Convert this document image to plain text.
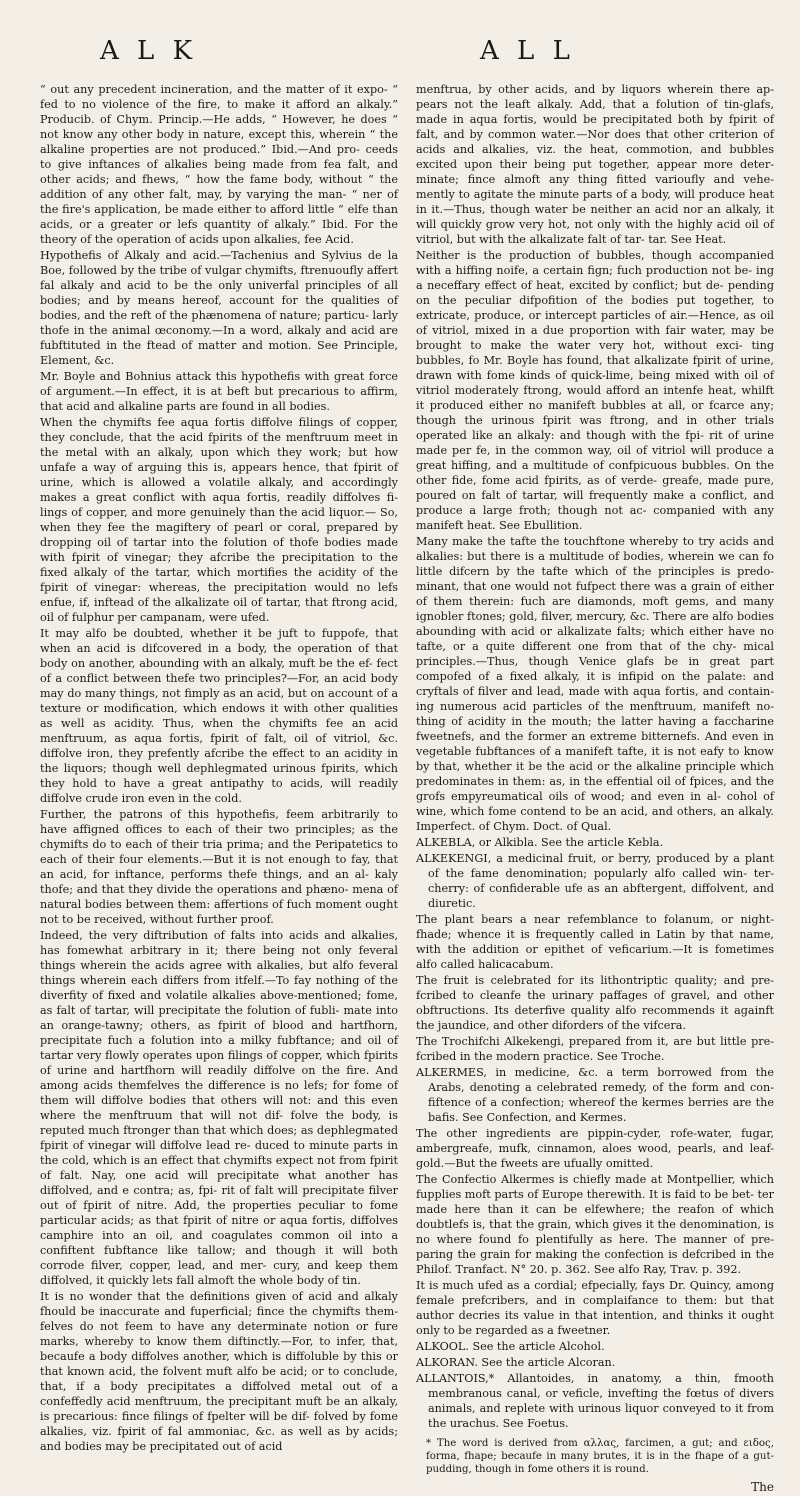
A L K	A L L

“ out any precedent incineration, and the matter of it expo- “ fed to no violence of the fire, to make it afford an alkaly.” Producib. of Chym. Princip.—He adds, “ However, he does “ not know any other body in nature, except this, wherein “ the alkaline properties are not produced.” Ibid.—And pro- ceeds to give inftances of alkalies being made from fea falt, and other acids; and fhews, “ how the fame body, without “ the addition of any other falt, may, by varying the man- “ ner of the fire's application, be made either to afford little “ elfe than acids, or a greater or lefs quantity of alkaly.” Ibid. For the theory of the operation of acids upon alkalies, fee Acid.

Hypothefis of Alkaly and acid.—Tachenius and Sylvius de la Boe, followed by the tribe of vulgar chymifts, ftrenuoufly affert fal alkaly and acid to be the only univerfal principles of all bodies; and by means hereof, account for the qualities of bodies, and the reft of the phænomena of nature; particu- larly thofe in the animal œconomy.—In a word, alkaly and acid are fubftituted in the ftead of matter and motion. See Principle, Element, &c.

Mr. Boyle and Bohnius attack this hypothefis with great force of argument.—In effect, it is at beft but precarious to affirm, that acid and alkaline parts are found in all bodies.

When the chymifts fee aqua fortis diffolve filings of copper, they conclude, that the acid fpirits of the menftruum meet in the metal with an alkaly, upon which they work; but how unfafe a way of arguing this is, appears hence, that fpirit of urine, which is allowed a volatile alkaly, and accordingly makes a great conflict with aqua fortis, readily diffolves fi- lings of copper, and more genuinely than the acid liquor.— So, when they fee the magiftery of pearl or coral, prepared by dropping oil of tartar into the folution of thofe bodies made with fpirit of vinegar; they afcribe the precipitation to the fixed alkaly of the tartar, which mortifies the acidity of the fpirit of vinegar: whereas, the precipitation would no lefs enfue, if, inftead of the alkalizate oil of tartar, that ftrong acid, oil of fulphur per campanam, were ufed.

It may alfo be doubted, whether it be juft to fuppofe, that when an acid is difcovered in a body, the operation of that body on another, abounding with an alkaly, muft be the ef- fect of a conflict between thefe two principles?—For, an acid body may do many things, not fimply as an acid, but on account of a texture or modification, which endows it with other qualities as well as acidity. Thus, when the chymifts fee an acid menftruum, as aqua fortis, fpirit of falt, oil of vitriol, &c. diffolve iron, they prefently afcribe the effect to an acidity in the liquors; though well dephlegmated urinous fpirits, which they hold to have a great antipathy to acids, will readily diffolve crude iron even in the cold.

Further, the patrons of this hypothefis, feem arbitrarily to have affigned offices to each of their two principles; as the chymifts do to each of their tria prima; and the Peripatetics to each of their four elements.—But it is not enough to fay, that an acid, for inftance, performs thefe things, and an al- kaly thofe; and that they divide the operations and phæno- mena of natural bodies between them: affertions of fuch moment ought not to be received, without further proof.

Indeed, the very diftribution of falts into acids and alkalies, has fomewhat arbitrary in it; there being not only feveral things wherein the acids agree with alkalies, but alfo feveral things wherein each differs from itfelf.—To fay nothing of the diverfity of fixed and volatile alkalies above-mentioned; fome, as falt of tartar, will precipitate the folution of fubli- mate into an orange-tawny; others, as fpirit of blood and hartfhorn, precipitate fuch a folution into a milky fubftance; and oil of tartar very flowly operates upon filings of copper, which fpirits of urine and hartfhorn will readily diffolve on the fire. And among acids themfelves the difference is no lefs; for fome of them will diffolve bodies that others will not: and this even where the menftruum that will not dif- folve the body, is reputed much ftronger than that which does; as dephlegmated fpirit of vinegar will diffolve lead re- duced to minute parts in the cold, which is an effect that chymifts expect not from fpirit of falt. Nay, one acid will precipitate what another has diffolved, and e contra; as, fpi- rit of falt will precipitate filver out of fpirit of nitre. Add, the properties peculiar to fome particular acids; as that fpirit of nitre or aqua fortis, diffolves camphire into an oil, and coagulates common oil into a confiftent fubftance like tallow; and though it will both corrode filver, copper, lead, and mer- cury, and keep them diffolved, it quickly lets fall almoft the whole body of tin.

It is no wonder that the definitions given of acid and alkaly fhould be inaccurate and fuperficial; fince the chymifts them- felves do not feem to have any determinate notion or fure marks, whereby to know them diftinctly.—For, to infer, that, becaufe a body diffolves another, which is diffoluble by this or that known acid, the folvent muft alfo be acid; or to conclude, that, if a body precipitates a diffolved metal out of a confeffedly acid menftruum, the precipitant muft be an alkaly, is precarious: fince filings of fpelter will be dif- folved by fome alkalies, viz. fpirit of fal ammoniac, &c. as well as by acids; and bodies may be precipitated out of acid

menftrua, by other acids, and by liquors wherein there ap- pears not the leaft alkaly. Add, that a folution of tin-glafs, made in aqua fortis, would be precipitated both by fpirit of falt, and by common water.—Nor does that other criterion of acids and alkalies, viz. the heat, commotion, and bubbles excited upon their being put together, appear more deter- minate; fince almoft any thing fitted varioufly and vehe- mently to agitate the minute parts of a body, will produce heat in it.—Thus, though water be neither an acid nor an alkaly, it will quickly grow very hot, not only with the highly acid oil of vitriol, but with the alkalizate falt of tar- tar. See Heat.

Neither is the production of bubbles, though accompanied with a hiffing noife, a certain fign; fuch production not be- ing a neceffary effect of heat, excited by conflict; but de- pending on the peculiar difpofition of the bodies put together, to extricate, produce, or intercept particles of air.—Hence, as oil of vitriol, mixed in a due proportion with fair water, may be brought to make the water very hot, without exci- ting bubbles, fo Mr. Boyle has found, that alkalizate fpirit of urine, drawn with fome kinds of quick-lime, being mixed with oil of vitriol moderately ftrong, would afford an intenfe heat, whilft it produced either no manifeft bubbles at all, or fcarce any; though the urinous fpirit was ftrong, and in other trials operated like an alkaly: and though with the fpi- rit of urine made per fe, in the common way, oil of vitriol will produce a great hiffing, and a multitude of confpicuous bubbles. On the other fide, fome acid fpirits, as of verde- greafe, made pure, poured on falt of tartar, will frequently make a conflict, and produce a large froth; though not ac- companied with any manifeft heat. See Ebullition.

Many make the tafte the touchftone whereby to try acids and alkalies: but there is a multitude of bodies, wherein we can fo little difcern by the tafte which of the principles is predo- minant, that one would not fufpect there was a grain of either of them therein: fuch are diamonds, moft gems, and many ignobler ftones; gold, filver, mercury, &c. There are alfo bodies abounding with acid or alkalizate falts; which either have no tafte, or a quite different one from that of the chy- mical principles.—Thus, though Venice glafs be in great part compofed of a fixed alkaly, it is infipid on the palate: and cryftals of filver and lead, made with aqua fortis, and contain- ing numerous acid particles of the menftruum, manifeft no- thing of acidity in the mouth; the latter having a faccharine fweetnefs, and the former an extreme bitternefs. And even in vegetable fubftances of a manifeft tafte, it is not eafy to know by that, whether it be the acid or the alkaline principle which predominates in them: as, in the effential oil of fpices, and the grofs empyreumatical oils of wood; and even in al- cohol of wine, which fome contend to be an acid, and others, an alkaly. Imperfect. of Chym. Doct. of Qual.

ALKEBLA, or Alkibla. See the article Kebla.

ALKEKENGI, a medicinal fruit, or berry, produced by a plant of the fame denomination; popularly alfo called win- ter-cherry: of confiderable ufe as an abftergent, diffolvent, and diuretic.

The plant bears a near refemblance to folanum, or night- fhade; whence it is frequently called in Latin by that name, with the addition or epithet of veficarium.—It is fometimes alfo called halicacabum.

The fruit is celebrated for its lithontriptic quality; and pre- fcribed to cleanfe the urinary paffages of gravel, and other obftructions. Its deterfive quality alfo recommends it againft the jaundice, and other diforders of the vifcera.

The Trochifchi Alkekengi, prepared from it, are but little pre- fcribed in the modern practice. See Troche.

ALKERMES, in medicine, &c. a term borrowed from the Arabs, denoting a celebrated remedy, of the form and con- fiftence of a confection; whereof the kermes berries are the bafis. See Confection, and Kermes.

The other ingredients are pippin-cyder, rofe-water, fugar, ambergreafe, mufk, cinnamon, aloes wood, pearls, and leaf- gold.—But the fweets are ufually omitted.

The Confectio Alkermes is chiefly made at Montpellier, which fupplies moft parts of Europe therewith. It is faid to be bet- ter made here than it can be elfewhere; the reafon of which doubtlefs is, that the grain, which gives it the denomination, is no where found fo plentifully as here. The manner of pre- paring the grain for making the confection is defcribed in the Philof. Tranfact. N° 20. p. 362. See alfo Ray, Trav. p. 392.

It is much ufed as a cordial; efpecially, fays Dr. Quincy, among female prefcribers, and in complaifance to them: but that author decries its value in that intention, and thinks it ought only to be regarded as a fweetner.

ALKOOL. See the article Alcohol.

ALKORAN. See the article Alcoran.

ALLANTOIS,* Allantoides, in anatomy, a thin, fmooth membranous canal, or veficle, invefting the fœtus of divers animals, and replete with urinous liquor conveyed to it from the urachus. See Foetus.

* The word is derived from αλλας, farcimen, a gut; and ειδος, forma, fhape; becaufe in many brutes, it is in the fhape of a gut-pudding, though in fome others it is round.

The
